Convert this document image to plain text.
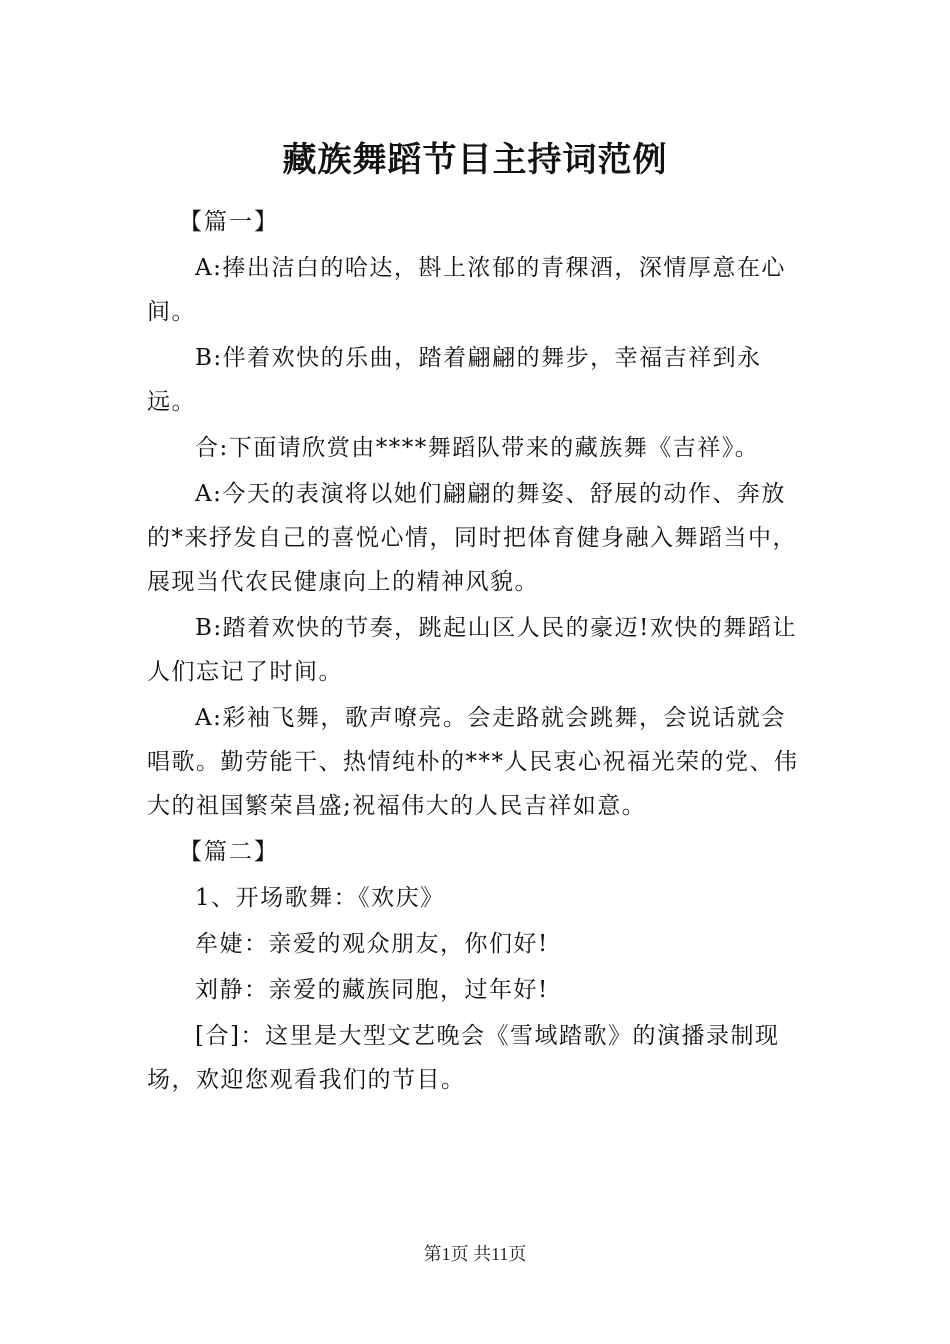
藏族舞蹈节目主持词范例

【篇一】

A:捧出洁白的哈达，斟上浓郁的青稞酒，深情厚意在心间。

B:伴着欢快的乐曲，踏着翩翩的舞步，幸福吉祥到永远。

合:下面请欣赏由****舞蹈队带来的藏族舞《吉祥》。

A:今天的表演将以她们翩翩的舞姿、舒展的动作、奔放的*来抒发自己的喜悦心情，同时把体育健身融入舞蹈当中，展现当代农民健康向上的精神风貌。

B:踏着欢快的节奏，跳起山区人民的豪迈!欢快的舞蹈让人们忘记了时间。

A:彩袖飞舞，歌声嘹亮。会走路就会跳舞，会说话就会唱歌。勤劳能干、热情纯朴的***人民衷心祝福光荣的党、伟大的祖国繁荣昌盛;祝福伟大的人民吉祥如意。

【篇二】

1、开场歌舞：《欢庆》

牟婕：亲爱的观众朋友，你们好!

刘静：亲爱的藏族同胞，过年好!

[合]：这里是大型文艺晚会《雪域踏歌》的演播录制现场，欢迎您观看我们的节目。

第1页 共11页
